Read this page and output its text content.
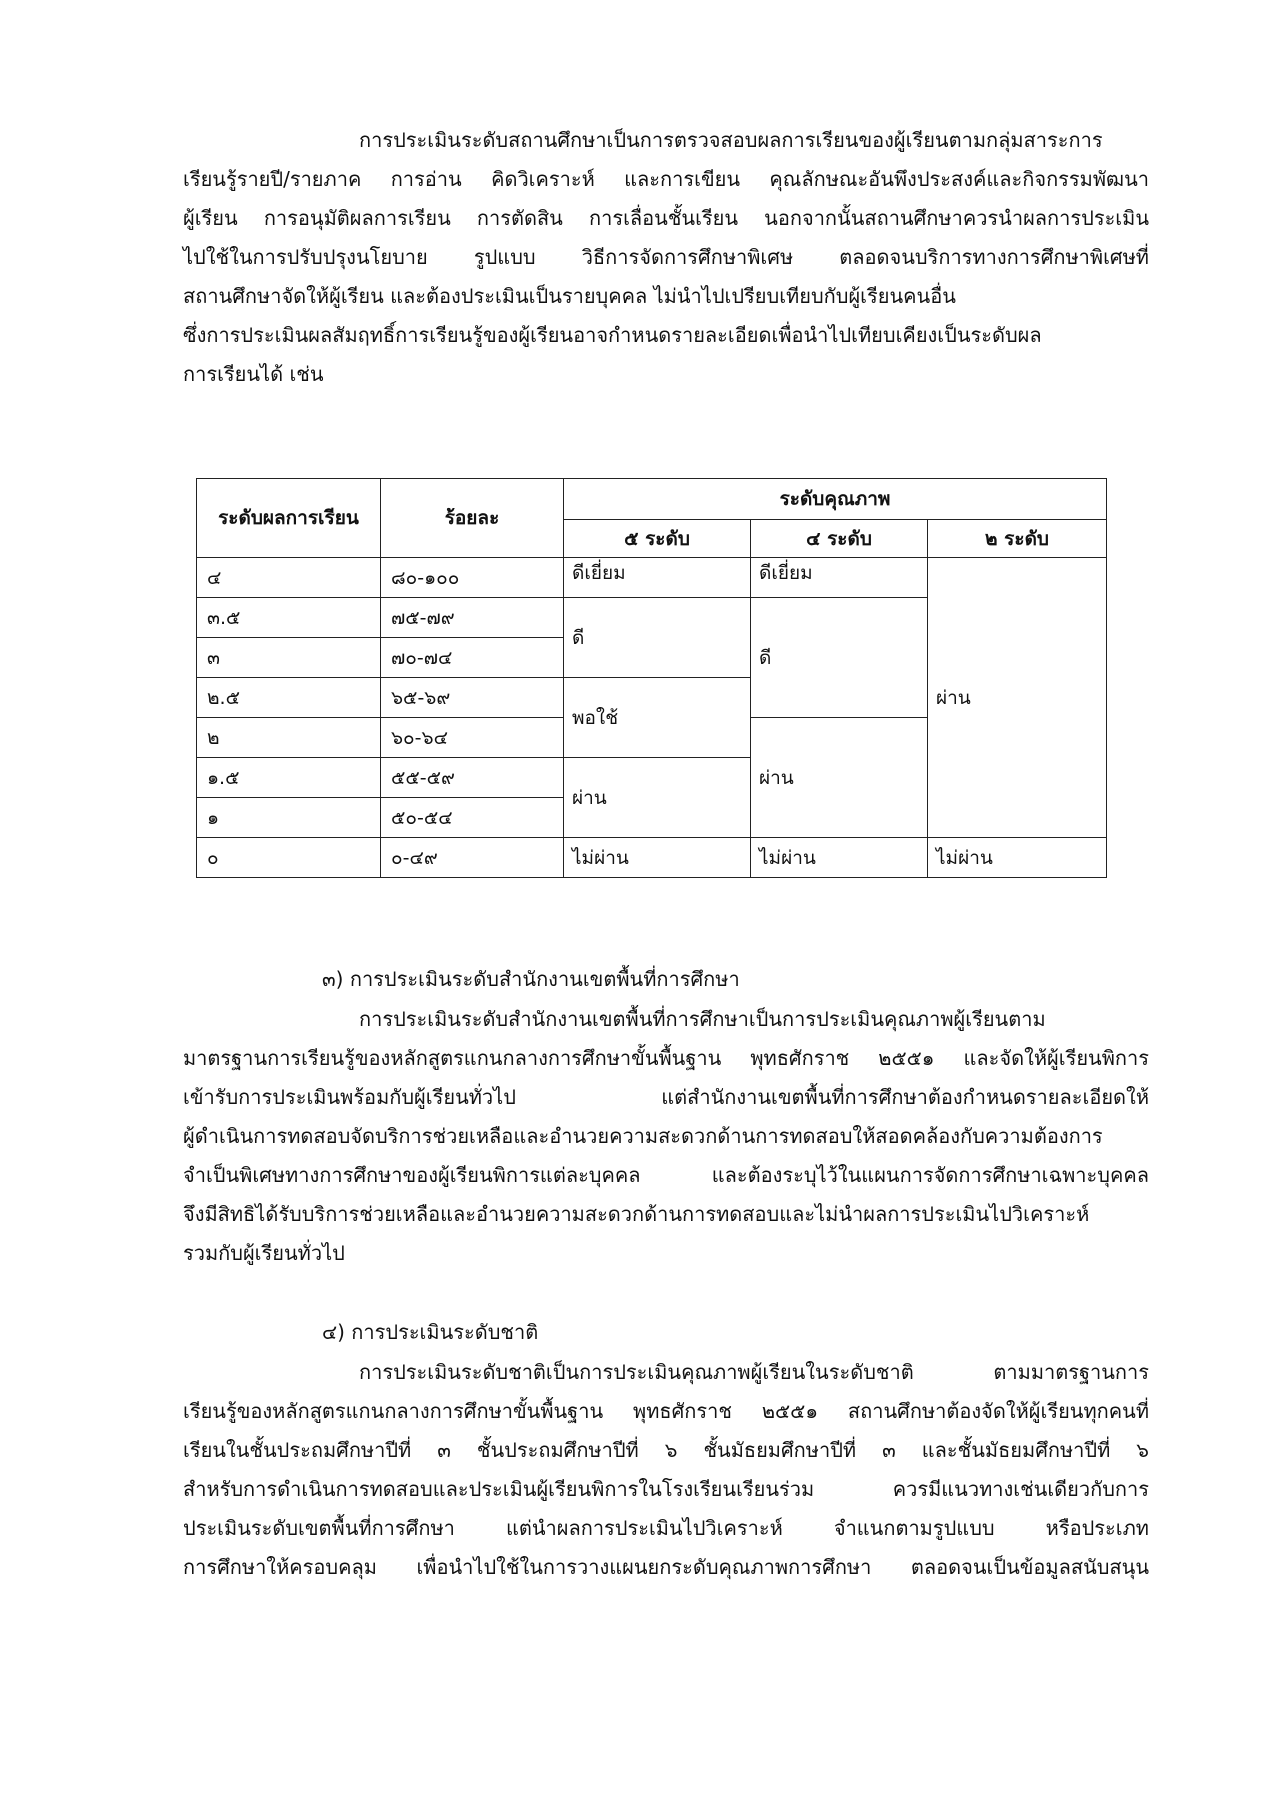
การประเมินระดับสถานศึกษาเป็นการตรวจสอบผลการเรียนของผู้เรียนตามกลุ่มสาระการ
เรียนรู้รายปี/รายภาค การอ่าน คิดวิเคราะห์ และการเขียน คุณลักษณะอันพึงประสงค์และกิจกรรมพัฒนา
ผู้เรียน การอนุมัติผลการเรียน การตัดสิน การเลื่อนชั้นเรียน นอกจากนั้นสถานศึกษาควรนำผลการประเมิน
ไปใช้ในการปรับปรุงนโยบาย รูปแบบ วิธีการจัดการศึกษาพิเศษ ตลอดจนบริการทางการศึกษาพิเศษที่
สถานศึกษาจัดให้ผู้เรียน และต้องประเมินเป็นรายบุคคล ไม่นำไปเปรียบเทียบกับผู้เรียนคนอื่น
ซึ่งการประเมินผลสัมฤทธิ์การเรียนรู้ของผู้เรียนอาจกำหนดรายละเอียดเพื่อนำไปเทียบเคียงเป็นระดับผล
การเรียนได้ เช่น
ระดับผลการเรียน	ร้อยละ	ระดับคุณภาพ		
		๕ ระดับ	๔ ระดับ	๒ ระดับ
๔	๘๐-๑๐๐	ดีเยี่ยม	ดีเยี่ยม	ผ่าน
๓.๕	๗๕-๗๙	ดี	ดี	
๓	๗๐-๗๔			
๒.๕	๖๕-๖๙	พอใช้		
๒	๖๐-๖๔		ผ่าน	
๑.๕	๕๕-๕๙	ผ่าน		
๑	๕๐-๕๔			
๐	๐-๔๙	ไม่ผ่าน	ไม่ผ่าน	ไม่ผ่าน
๓) การประเมินระดับสำนักงานเขตพื้นที่การศึกษา
การประเมินระดับสำนักงานเขตพื้นที่การศึกษาเป็นการประเมินคุณภาพผู้เรียนตาม
มาตรฐานการเรียนรู้ของหลักสูตรแกนกลางการศึกษาขั้นพื้นฐาน พุทธศักราช ๒๕๕๑ และจัดให้ผู้เรียนพิการ
เข้ารับการประเมินพร้อมกับผู้เรียนทั่วไป แต่สำนักงานเขตพื้นที่การศึกษาต้องกำหนดรายละเอียดให้
ผู้ดำเนินการทดสอบจัดบริการช่วยเหลือและอำนวยความสะดวกด้านการทดสอบให้สอดคล้องกับความต้องการ
จำเป็นพิเศษทางการศึกษาของผู้เรียนพิการแต่ละบุคคล และต้องระบุไว้ในแผนการจัดการศึกษาเฉพาะบุคคล
จึงมีสิทธิได้รับบริการช่วยเหลือและอำนวยความสะดวกด้านการทดสอบและไม่นำผลการประเมินไปวิเคราะห์
รวมกับผู้เรียนทั่วไป
๔) การประเมินระดับชาติ
การประเมินระดับชาติเป็นการประเมินคุณภาพผู้เรียนในระดับชาติ ตามมาตรฐานการ
เรียนรู้ของหลักสูตรแกนกลางการศึกษาขั้นพื้นฐาน พุทธศักราช ๒๕๕๑ สถานศึกษาต้องจัดให้ผู้เรียนทุกคนที่
เรียนในชั้นประถมศึกษาปีที่ ๓ ชั้นประถมศึกษาปีที่ ๖ ชั้นมัธยมศึกษาปีที่ ๓ และชั้นมัธยมศึกษาปีที่ ๖
สำหรับการดำเนินการทดสอบและประเมินผู้เรียนพิการในโรงเรียนเรียนร่วม ควรมีแนวทางเช่นเดียวกับการ
ประเมินระดับเขตพื้นที่การศึกษา แต่นำผลการประเมินไปวิเคราะห์ จำแนกตามรูปแบบ หรือประเภท
การศึกษาให้ครอบคลุม เพื่อนำไปใช้ในการวางแผนยกระดับคุณภาพการศึกษา ตลอดจนเป็นข้อมูลสนับสนุน
